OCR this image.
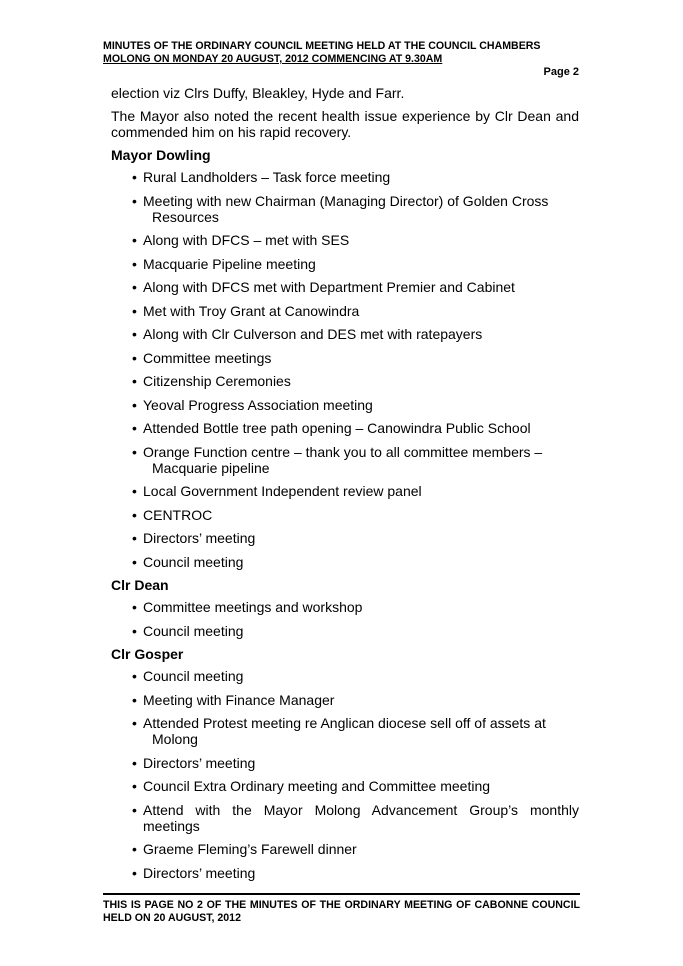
MINUTES OF THE ORDINARY COUNCIL MEETING HELD AT THE COUNCIL CHAMBERS
MOLONG ON MONDAY 20 AUGUST, 2012 COMMENCING AT 9.30AM
Page 2

election viz Clrs Duffy, Bleakley, Hyde and Farr.

The Mayor also noted the recent health issue experience by Clr Dean and commended him on his rapid recovery.

Mayor Dowling
• Rural Landholders – Task force meeting
• Meeting with new Chairman (Managing Director) of Golden Cross
Resources
• Along with DFCS – met with SES
• Macquarie Pipeline meeting
• Along with DFCS met with Department Premier and Cabinet
• Met with Troy Grant at Canowindra
• Along with Clr Culverson and DES met with ratepayers
• Committee meetings
• Citizenship Ceremonies
• Yeoval Progress Association meeting
• Attended Bottle tree path opening – Canowindra Public School
• Orange Function centre – thank you to all committee members –
Macquarie pipeline
• Local Government Independent review panel
• CENTROC
• Directors’ meeting
• Council meeting
Clr Dean
• Committee meetings and workshop
• Council meeting
Clr Gosper
• Council meeting
• Meeting with Finance Manager
• Attended Protest meeting re Anglican diocese sell off of assets at
Molong
• Directors’ meeting
• Council Extra Ordinary meeting and Committee meeting
• Attend with the Mayor Molong Advancement Group’s monthly meetings
• Graeme Fleming’s Farewell dinner
• Directors’ meeting
THIS IS PAGE NO 2 OF THE MINUTES OF THE ORDINARY MEETING OF CABONNE COUNCIL HELD ON 20 AUGUST, 2012
